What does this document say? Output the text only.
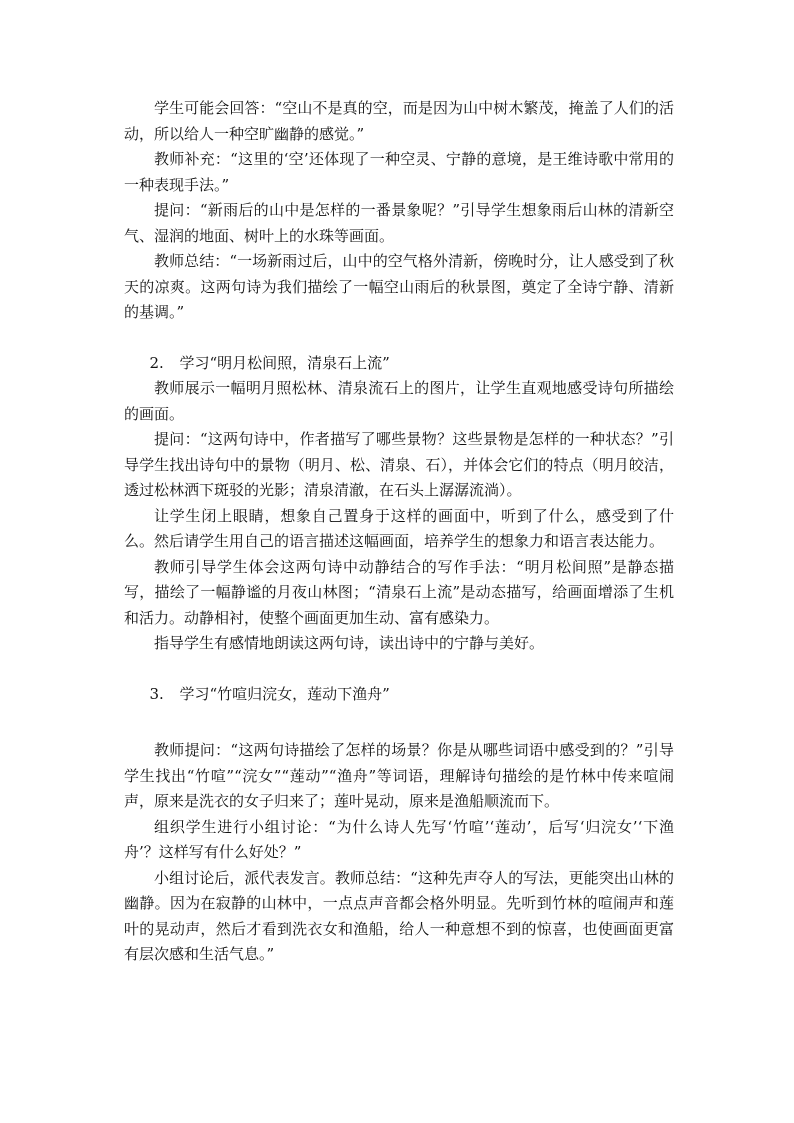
学生可能会回答：“空山不是真的空，而是因为山中树木繁茂，掩盖了人们的活动，所以给人一种空旷幽静的感觉。”

教师补充：“这里的‘空’还体现了一种空灵、宁静的意境，是王维诗歌中常用的一种表现手法。”

提问：“新雨后的山中是怎样的一番景象呢？”引导学生想象雨后山林的清新空气、湿润的地面、树叶上的水珠等画面。

教师总结：“一场新雨过后，山中的空气格外清新，傍晚时分，让人感受到了秋天的凉爽。这两句诗为我们描绘了一幅空山雨后的秋景图，奠定了全诗宁静、清新的基调。”

2. 学习“明月松间照，清泉石上流”

教师展示一幅明月照松林、清泉流石上的图片，让学生直观地感受诗句所描绘的画面。

提问：“这两句诗中，作者描写了哪些景物？这些景物是怎样的一种状态？”引导学生找出诗句中的景物（明月、松、清泉、石），并体会它们的特点（明月皎洁，透过松林洒下斑驳的光影；清泉清澈，在石头上潺潺流淌）。

让学生闭上眼睛，想象自己置身于这样的画面中，听到了什么，感受到了什么。然后请学生用自己的语言描述这幅画面，培养学生的想象力和语言表达能力。

教师引导学生体会这两句诗中动静结合的写作手法：“明月松间照”是静态描写，描绘了一幅静谧的月夜山林图；“清泉石上流”是动态描写，给画面增添了生机和活力。动静相衬，使整个画面更加生动、富有感染力。

指导学生有感情地朗读这两句诗，读出诗中的宁静与美好。

3. 学习“竹喧归浣女，莲动下渔舟”

教师提问：“这两句诗描绘了怎样的场景？你是从哪些词语中感受到的？”引导学生找出“竹喧”“浣女”“莲动”“渔舟”等词语，理解诗句描绘的是竹林中传来喧闹声，原来是洗衣的女子归来了；莲叶晃动，原来是渔船顺流而下。

组织学生进行小组讨论：“为什么诗人先写‘竹喧’‘莲动’，后写‘归浣女’‘下渔舟’？这样写有什么好处？”

小组讨论后，派代表发言。教师总结：“这种先声夺人的写法，更能突出山林的幽静。因为在寂静的山林中，一点点声音都会格外明显。先听到竹林的喧闹声和莲叶的晃动声，然后才看到洗衣女和渔船，给人一种意想不到的惊喜，也使画面更富有层次感和生活气息。”
